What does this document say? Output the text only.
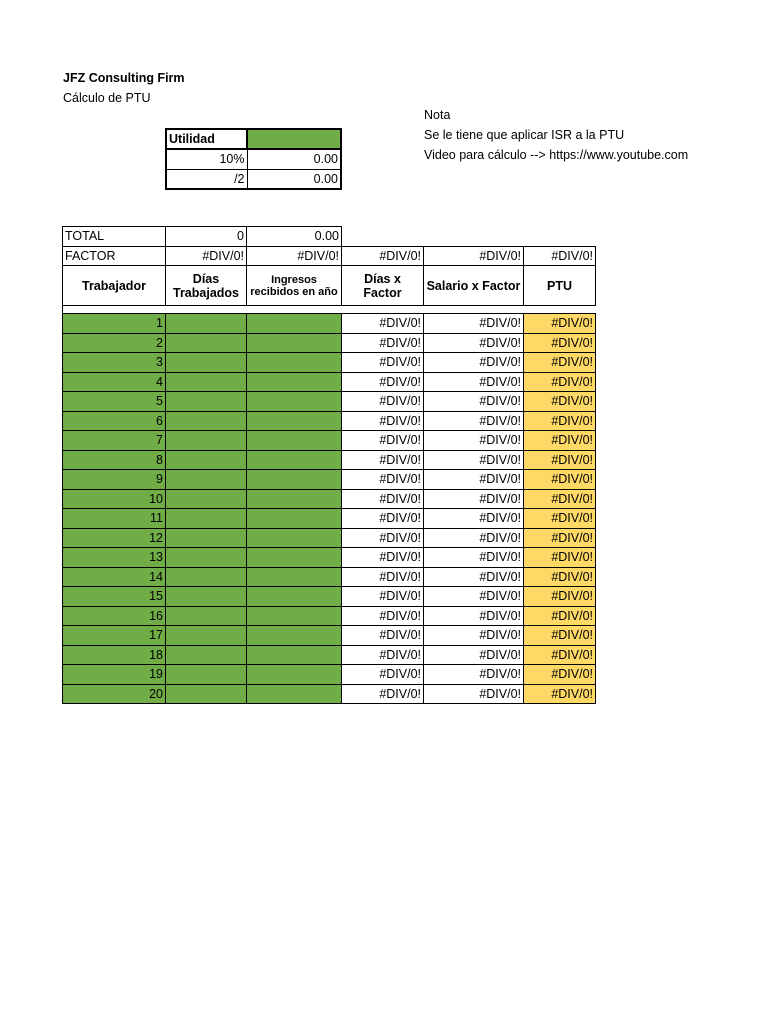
JFZ Consulting Firm
Cálculo de PTU
Nota
Se le tiene que aplicar ISR a la PTU
Video para cálculo --> https://www.youtube.com
Utilidad	
10%	0.00
/2	0.00
TOTAL	0	0.00			
FACTOR	#DIV/0!	#DIV/0!	#DIV/0!	#DIV/0!	#DIV/0!
Trabajador	Días Trabajados	Ingresos recibidos en año	Días x Factor	Salario x Factor	PTU

1			#DIV/0!	#DIV/0!	#DIV/0!
2			#DIV/0!	#DIV/0!	#DIV/0!
3			#DIV/0!	#DIV/0!	#DIV/0!
4			#DIV/0!	#DIV/0!	#DIV/0!
5			#DIV/0!	#DIV/0!	#DIV/0!
6			#DIV/0!	#DIV/0!	#DIV/0!
7			#DIV/0!	#DIV/0!	#DIV/0!
8			#DIV/0!	#DIV/0!	#DIV/0!
9			#DIV/0!	#DIV/0!	#DIV/0!
10			#DIV/0!	#DIV/0!	#DIV/0!
11			#DIV/0!	#DIV/0!	#DIV/0!
12			#DIV/0!	#DIV/0!	#DIV/0!
13			#DIV/0!	#DIV/0!	#DIV/0!
14			#DIV/0!	#DIV/0!	#DIV/0!
15			#DIV/0!	#DIV/0!	#DIV/0!
16			#DIV/0!	#DIV/0!	#DIV/0!
17			#DIV/0!	#DIV/0!	#DIV/0!
18			#DIV/0!	#DIV/0!	#DIV/0!
19			#DIV/0!	#DIV/0!	#DIV/0!
20			#DIV/0!	#DIV/0!	#DIV/0!
